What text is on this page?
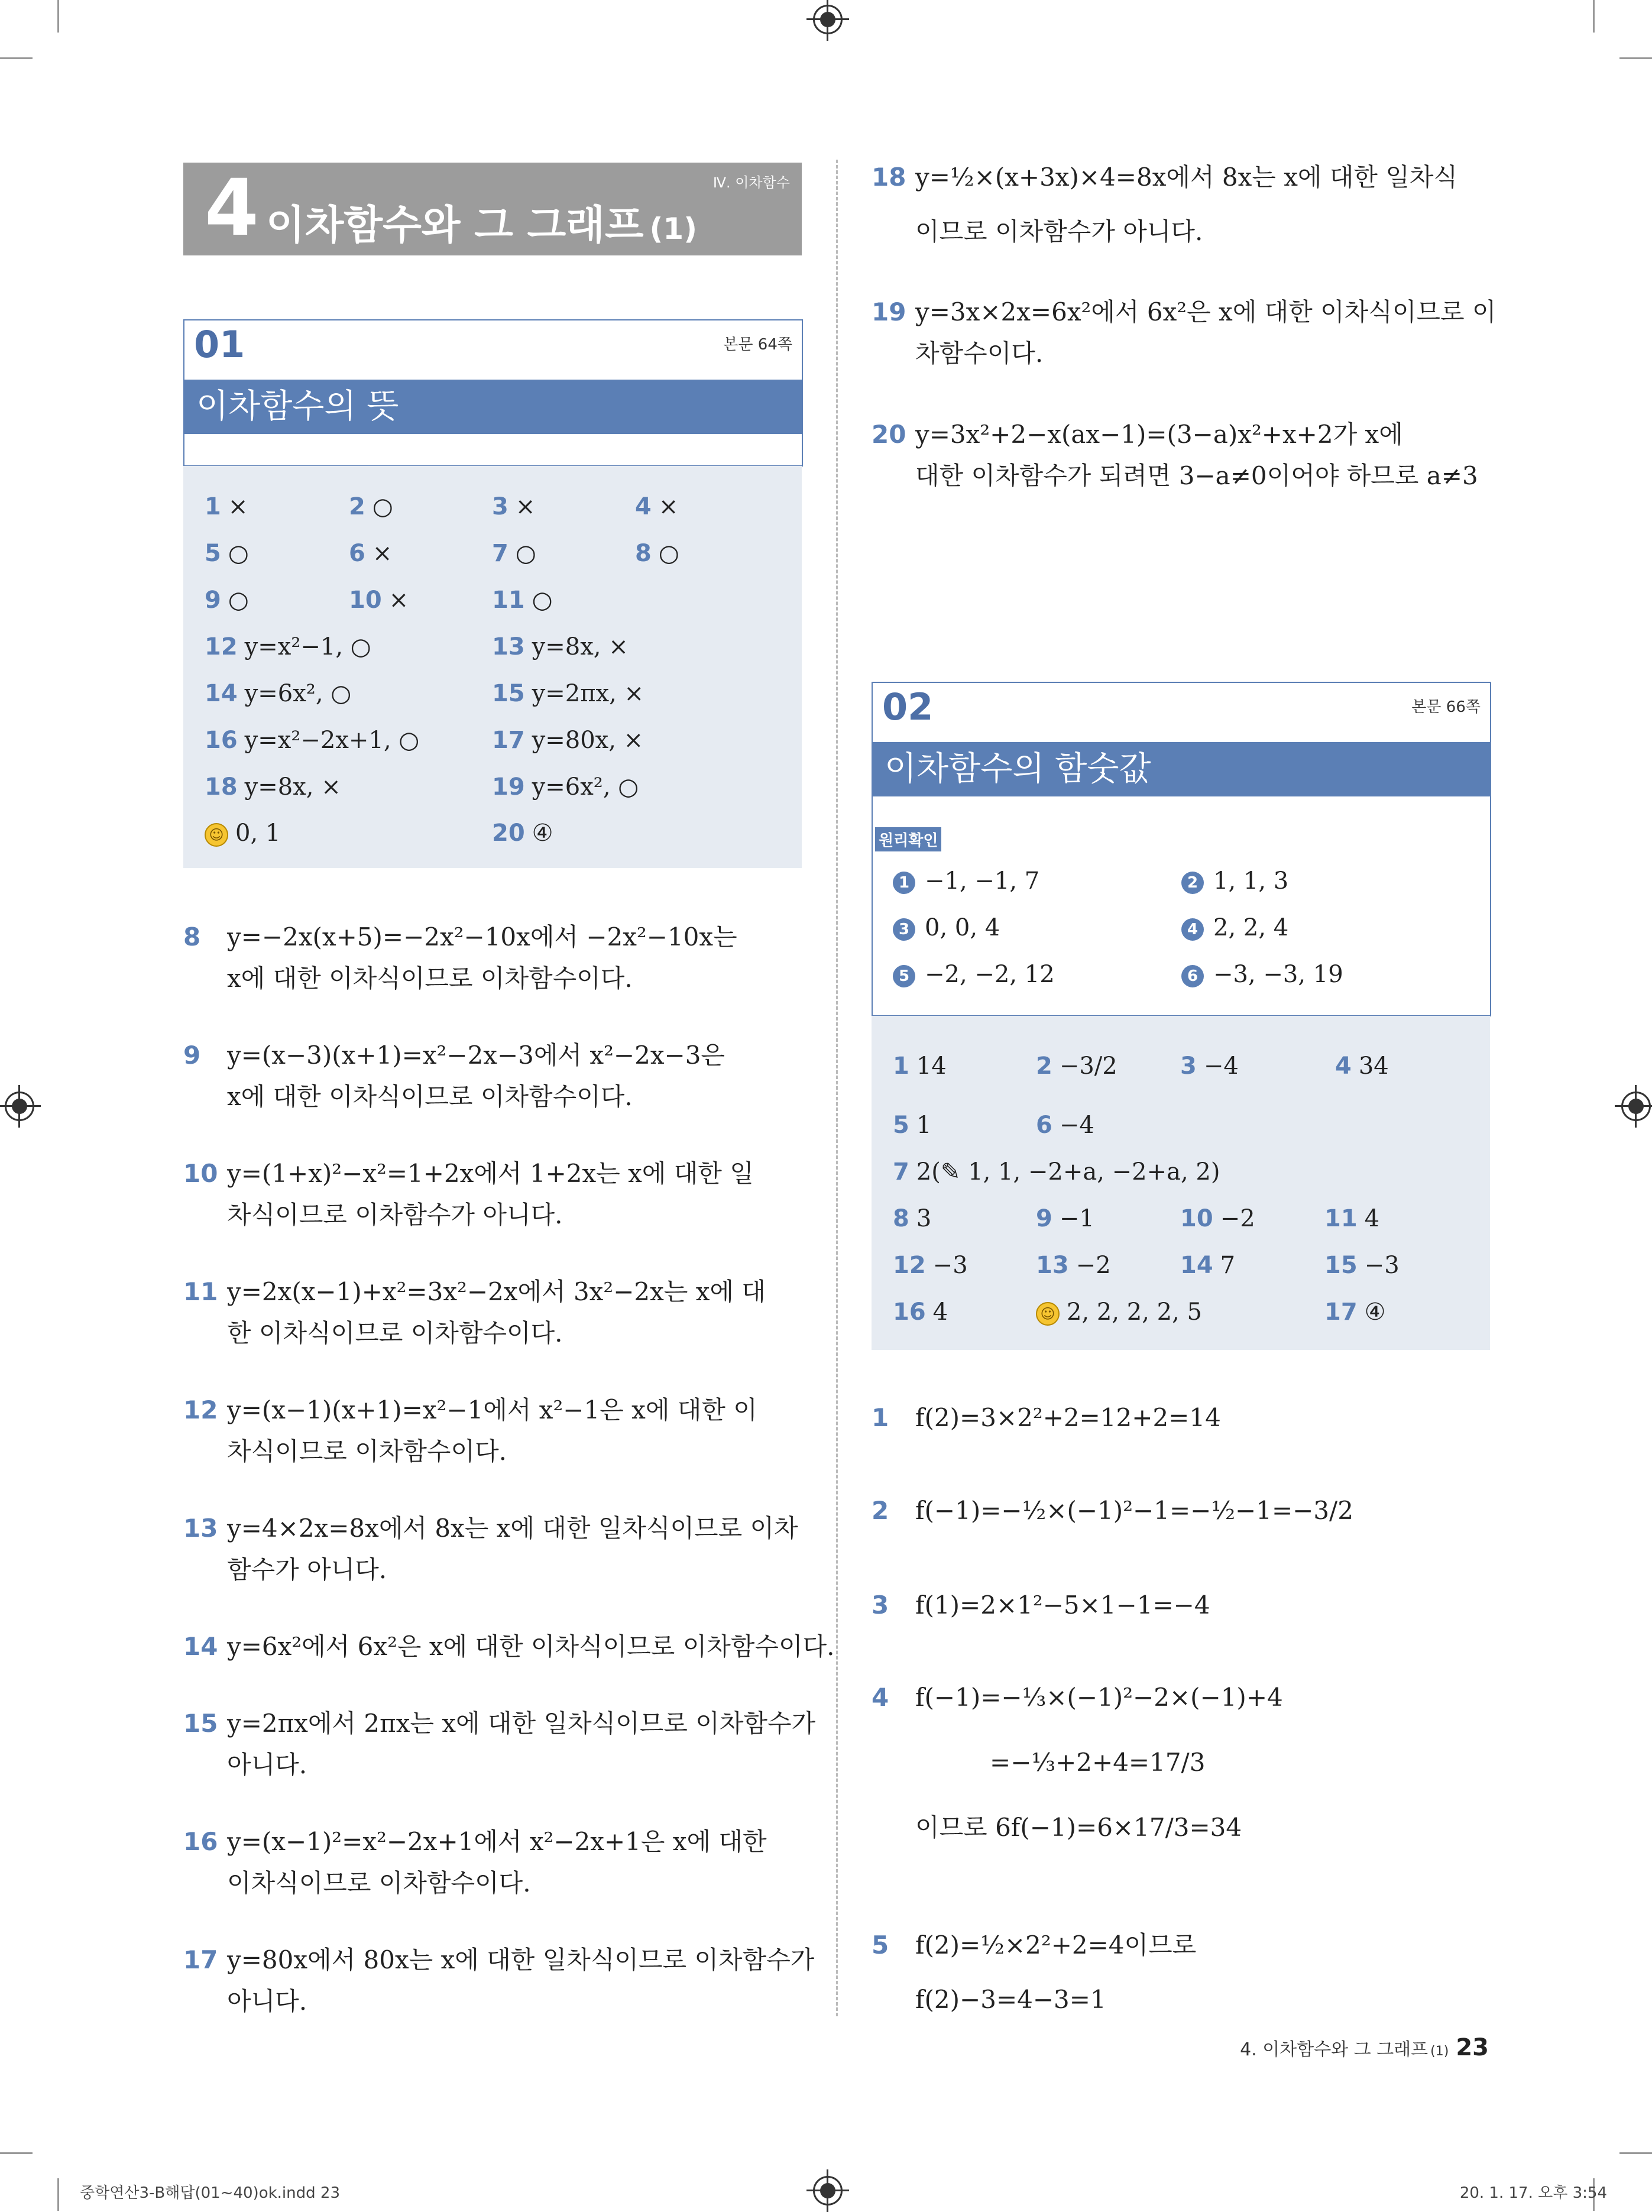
4 이차함수와 그 그래프 (1)
Ⅳ. 이차함수
01	본문 64쪽
이차함수의 뜻
1 ×	2 ○	3 ×	4 ×
5 ○	6 ×	7 ○	8 ○
9 ○	10 ×	11 ○
12 y=x²−1, ○	13 y=8x, ×
14 y=6x², ○	15 y=2πx, ×
16 y=x²−2x+1, ○	17 y=80x, ×
18 y=8x, ×	19 y=6x², ○
☺ 0, 1	20 ④
8 y=−2x(x+5)=−2x²−10x에서 −2x²−10x는
x에 대한 이차식이므로 이차함수이다.
9 y=(x−3)(x+1)=x²−2x−3에서 x²−2x−3은
x에 대한 이차식이므로 이차함수이다.
10 y=(1+x)²−x²=1+2x에서 1+2x는 x에 대한 일
차식이므로 이차함수가 아니다.
11 y=2x(x−1)+x²=3x²−2x에서 3x²−2x는 x에 대
한 이차식이므로 이차함수이다.
12 y=(x−1)(x+1)=x²−1에서 x²−1은 x에 대한 이
차식이므로 이차함수이다.
13 y=4×2x=8x에서 8x는 x에 대한 일차식이므로 이차
함수가 아니다.
14 y=6x²에서 6x²은 x에 대한 이차식이므로 이차함수이다.
15 y=2πx에서 2πx는 x에 대한 일차식이므로 이차함수가
아니다.
16 y=(x−1)²=x²−2x+1에서 x²−2x+1은 x에 대한
이차식이므로 이차함수이다.
17 y=80x에서 80x는 x에 대한 일차식이므로 이차함수가
아니다.
18 y=½×(x+3x)×4=8x에서 8x는 x에 대한 일차식
이므로 이차함수가 아니다.
19 y=3x×2x=6x²에서 6x²은 x에 대한 이차식이므로 이
차함수이다.
20 y=3x²+2−x(ax−1)=(3−a)x²+x+2가 x에
대한 이차함수가 되려면 3−a≠0이어야 하므로 a≠3
02	본문 66쪽
이차함수의 함숫값
원리확인
1 −1, −1, 7	2 1, 1, 3
3 0, 0, 4	4 2, 2, 4
5 −2, −2, 12	6 −3, −3, 19
1 14	2 −3/2	3 −4	4 34
5 1	6 −4
7 2(✎ 1, 1, −2+a, −2+a, 2)
8 3	9 −1	10 −2	11 4
12 −3	13 −2	14 7	15 −3
16 4	☺ 2, 2, 2, 2, 5	17 ④
1 f(2)=3×2²+2=12+2=14
2 f(−1)=−½×(−1)²−1=−½−1=−3/2
3 f(1)=2×1²−5×1−1=−4
4 f(−1)=−⅓×(−1)²−2×(−1)+4
=−⅓+2+4=17/3
이므로 6f(−1)=6×17/3=34
5 f(2)=½×2²+2=4이므로
f(2)−3=4−3=1
4. 이차함수와 그 그래프 (1) 23
중학연산3-B해답(01~40)ok.indd 23	20. 1. 17. 오후 3:54
